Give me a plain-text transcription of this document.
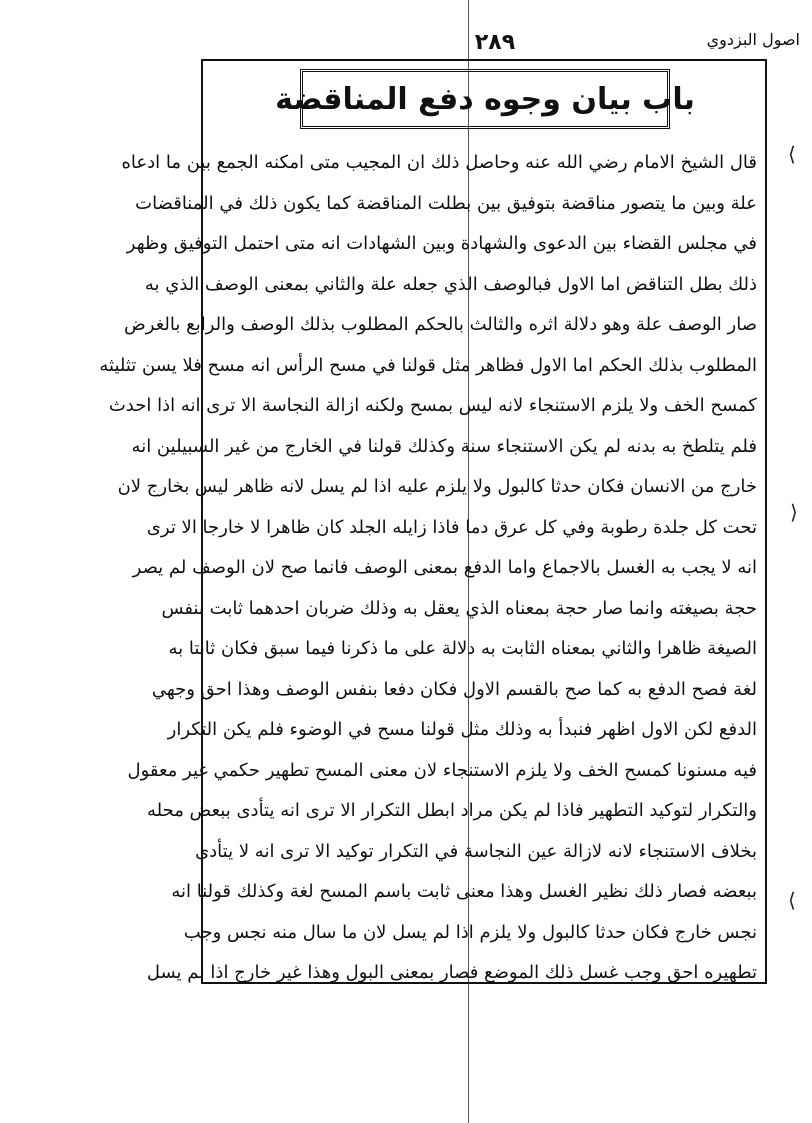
اصول البزدوي
۲۸۹
باب بيان وجوه دفع المناقضة
قال الشيخ الامام رضي الله عنه وحاصل ذلك ان المجيب متى امكنه الجمع بين ما ادعاه
علة وبين ما يتصور مناقضة بتوفيق بين بطلت المناقضة كما يكون ذلك في المناقضات
في مجلس القضاء بين الدعوى والشهادة وبين الشهادات انه متى احتمل التوفيق وظهر
ذلك بطل التناقض اما الاول فبالوصف الذي جعله علة والثاني بمعنى الوصف الذي به
صار الوصف علة وهو دلالة اثره والثالث بالحكم المطلوب بذلك الوصف والرابع بالغرض
المطلوب بذلك الحكم اما الاول فظاهر مثل قولنا في مسح الرأس انه مسح فلا يسن تثليثه
كمسح الخف ولا يلزم الاستنجاء لانه ليس بمسح ولكنه ازالة النجاسة الا ترى انه اذا احدث
فلم يتلطخ به بدنه لم يكن الاستنجاء سنة وكذلك قولنا في الخارج من غير السبيلين انه
خارج من الانسان فكان حدثا كالبول ولا يلزم عليه اذا لم يسل لانه ظاهر ليس بخارج لان
تحت كل جلدة رطوبة وفي كل عرق دما فاذا زايله الجلد كان ظاهرا لا خارجا الا ترى
انه لا يجب به الغسل بالاجماع واما الدفع بمعنى الوصف فانما صح لان الوصف لم يصر
حجة بصيغته وانما صار حجة بمعناه الذي يعقل به وذلك ضربان احدهما ثابت بنفس
الصيغة ظاهرا والثاني بمعناه الثابت به دلالة على ما ذكرنا فيما سبق فكان ثابتا به
لغة فصح الدفع به كما صح بالقسم الاول فكان دفعا بنفس الوصف وهذا احق وجهي
الدفع لكن الاول اظهر فنبدأ به وذلك مثل قولنا مسح في الوضوء فلم يكن التكرار
فيه مسنونا كمسح الخف ولا يلزم الاستنجاء لان معنى المسح تطهير حكمي غير معقول
والتكرار لتوكيد التطهير فاذا لم يكن مراد ابطل التكرار الا ترى انه يتأدى ببعض محله
بخلاف الاستنجاء لانه لازالة عين النجاسة في التكرار توكيد الا ترى انه لا يتأدى
ببعضه فصار ذلك نظير الغسل وهذا معنى ثابت باسم المسح لغة وكذلك قولنا انه
نجس خارج فكان حدثا كالبول ولا يلزم اذا لم يسل لان ما سال منه نجس وجب
تطهيره احق وجب غسل ذلك الموضع فصار بمعنى البول وهذا غير خارج اذا لم يسل
⟨
⟩
⟨
